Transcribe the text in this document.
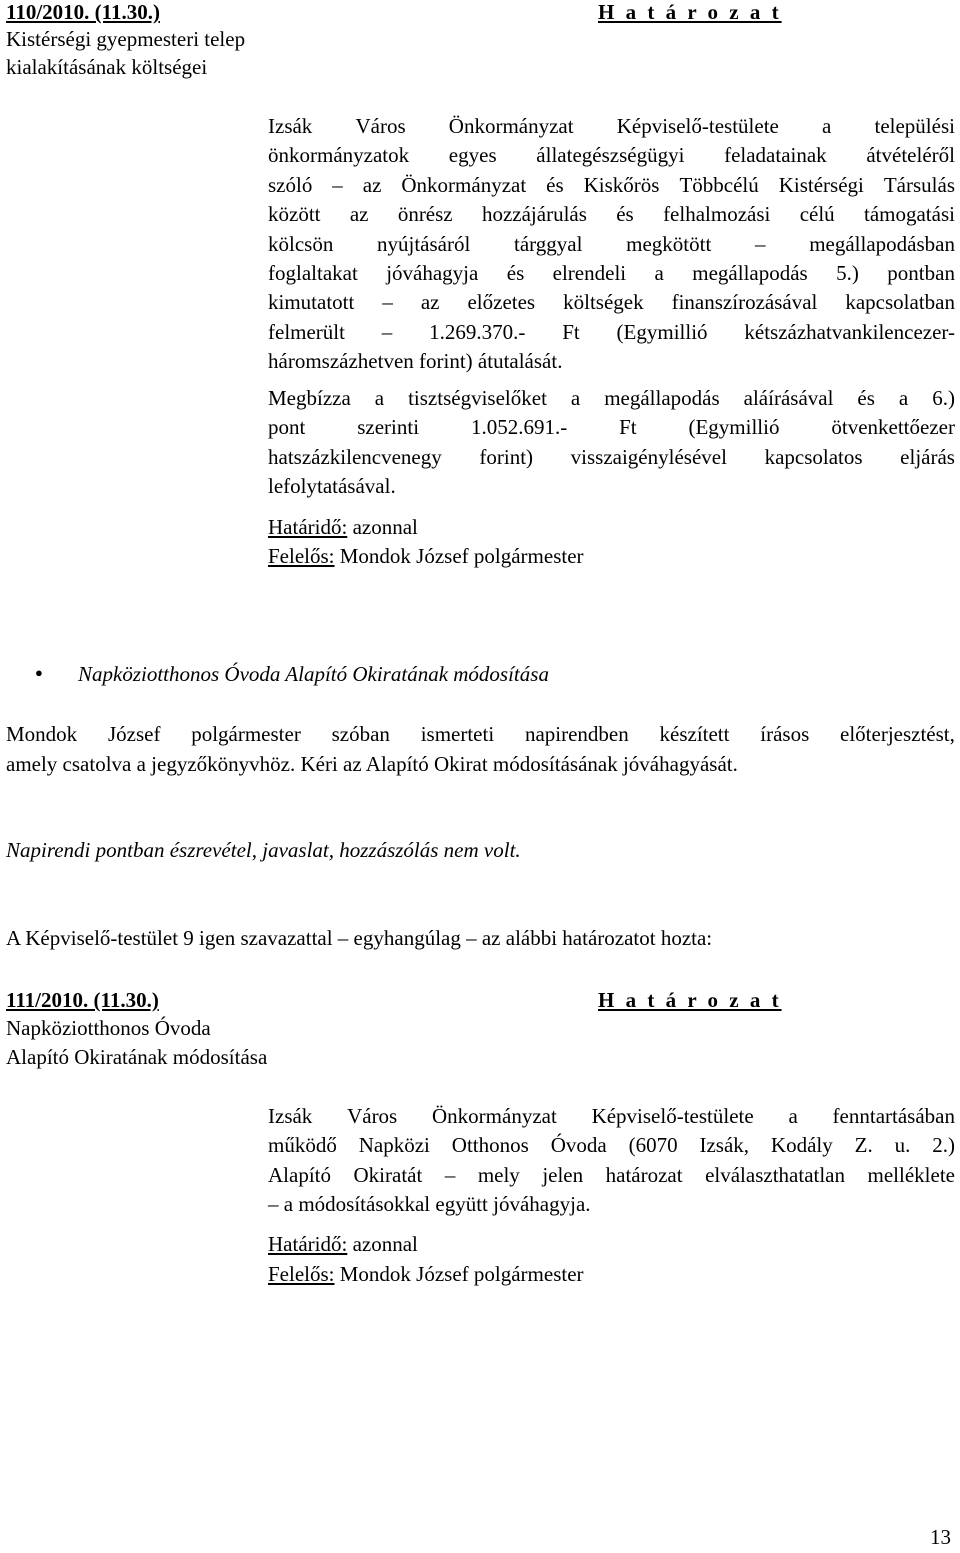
110/2010. (11.30.)	H a t á r o z a t
Kistérségi gyepmesteri telep
kialakításának költségei
Izsák Város Önkormányzat Képviselő-testülete a települési
önkormányzatok egyes állategészségügyi feladatainak átvételéről
szóló – az Önkormányzat és Kiskőrös Többcélú Kistérségi Társulás
között az önrész hozzájárulás és felhalmozási célú támogatási
kölcsön nyújtásáról tárggyal megkötött – megállapodásban
foglaltakat jóváhagyja és elrendeli a megállapodás 5.) pontban
kimutatott – az előzetes költségek finanszírozásával kapcsolatban
felmerült – 1.269.370.- Ft (Egymillió kétszázhatvankilencezer-
háromszázhetven forint) átutalását.
Megbízza a tisztségviselőket a megállapodás aláírásával és a 6.)
pont szerinti 1.052.691.- Ft (Egymillió ötvenkettőezer
hatszázkilencvenegy forint) visszaigénylésével kapcsolatos eljárás
lefolytatásával.
Határidő: azonnal
Felelős: Mondok József polgármester
● Napköziotthonos Óvoda Alapító Okiratának módosítása
Mondok József polgármester szóban ismerteti napirendben készített írásos előterjesztést,
amely csatolva a jegyzőkönyvhöz. Kéri az Alapító Okirat módosításának jóváhagyását.
Napirendi pontban észrevétel, javaslat, hozzászólás nem volt.
A Képviselő-testület 9 igen szavazattal – egyhangúlag – az alábbi határozatot hozta:
111/2010. (11.30.)	H a t á r o z a t
Napköziotthonos Óvoda
Alapító Okiratának módosítása
Izsák Város Önkormányzat Képviselő-testülete a fenntartásában
működő Napközi Otthonos Óvoda (6070 Izsák, Kodály Z. u. 2.)
Alapító Okiratát – mely jelen határozat elválaszthatatlan melléklete
– a módosításokkal együtt jóváhagyja.
Határidő: azonnal
Felelős: Mondok József polgármester
13
